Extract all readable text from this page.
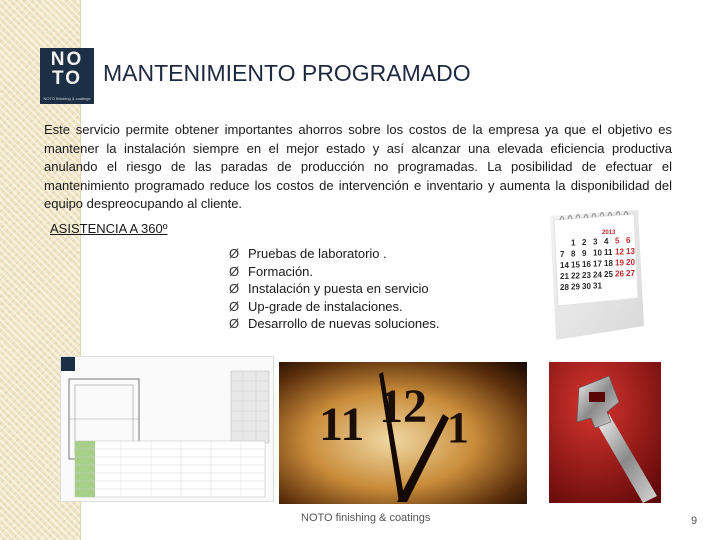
NO
TO
NOTO finishing & coatings
MANTENIMIENTO PROGRAMADO

Este servicio permite obtener importantes ahorros sobre los costos de la empresa ya que el objetivo es mantener la instalación siempre en el mejor estado y así alcanzar una elevada eficiencia productiva anulando el riesgo de las paradas de producción no programadas. La posibilidad de efectuar el mantenimiento programado reduce los costos de intervención e inventario y aumenta la disponibilidad del equipo despreocupando al cliente.

ASISTENCIA A 360º
Ø Pruebas de laboratorio .
Ø Formación.
Ø Instalación y puesta en servicio
Ø Up-grade de instalaciones.
Ø Desarrollo de nuevas soluciones.
2013
1 2 3 4 5 6
7 8 9 10 11 12 13
14 15 16 17 18 19 20
21 22 23 24 25 26 27
28 29 30 31
11 12 1
NOTO finishing & coatings	9
